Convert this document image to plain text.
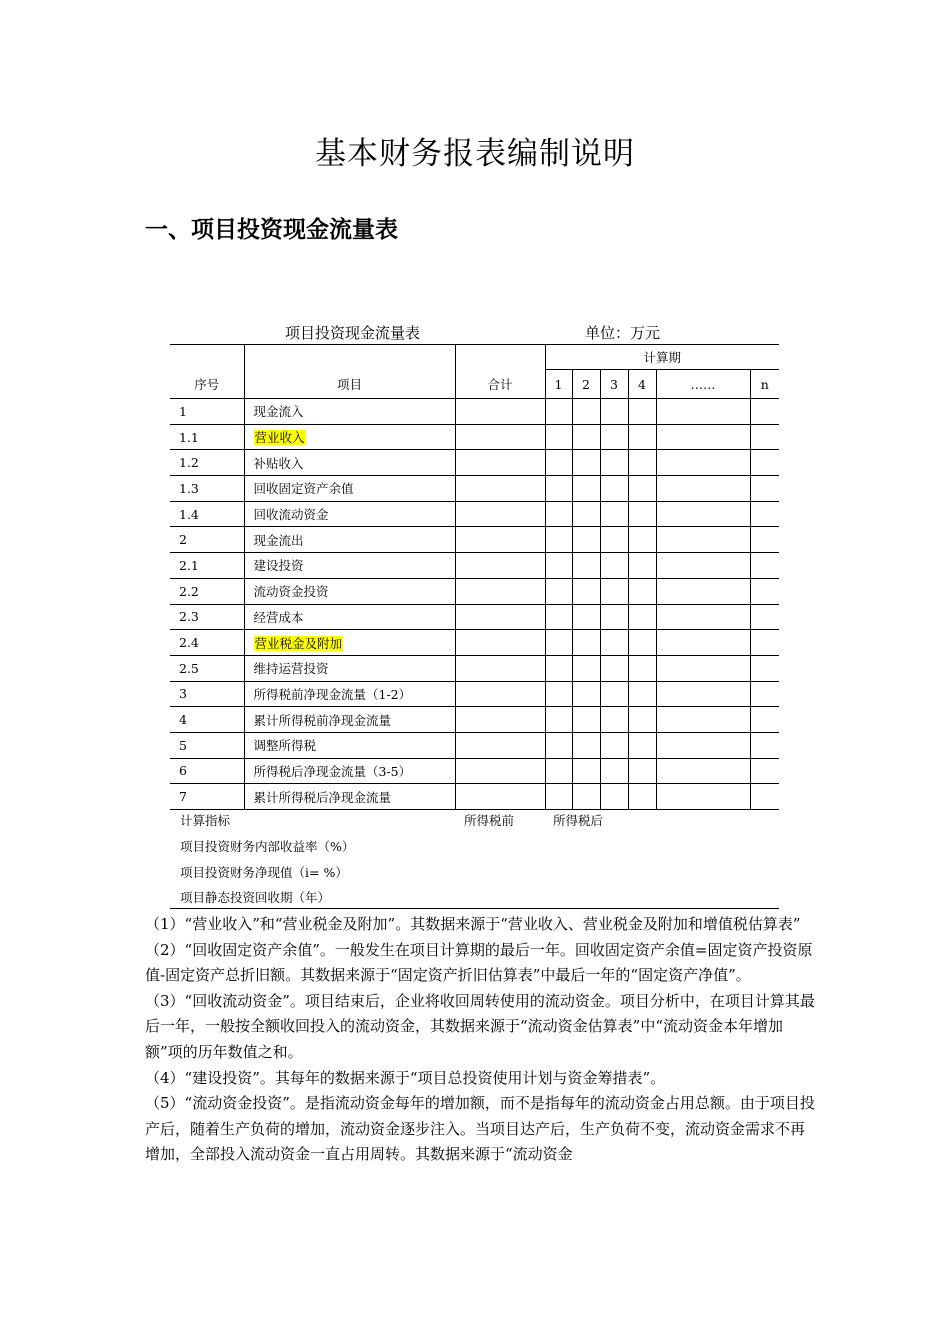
基本财务报表编制说明
一、项目投资现金流量表
项目投资现金流量表	单位：万元
			计算期					
序号	项目	合计	1	2	3	4	……	n
1	现金流入							
1.1	营业收入							
1.2	补贴收入							
1.3	回收固定资产余值							
1.4	回收流动资金							
2	现金流出							
2.1	建设投资							
2.2	流动资金投资							
2.3	经营成本							
2.4	营业税金及附加							
2.5	维持运营投资							
3	所得税前净现金流量（1-2）							
4	累计所得税前净现金流量							
5	调整所得税							
6	所得税后净现金流量（3-5）							
7	累计所得税后净现金流量							
计算指标	所得税前	所得税后
项目投资财务内部收益率（%）
项目投资财务净现值（i= %）
项目静态投资回收期（年）

（1）“营业收入”和“营业税金及附加”。其数据来源于“营业收入、营业税金及附加和增值税估算表”

（2）“回收固定资产余值”。一般发生在项目计算期的最后一年。回收固定资产余值=固定资产投资原值-固定资产总折旧额。其数据来源于“固定资产折旧估算表”中最后一年的“固定资产净值”。

（3）“回收流动资金”。项目结束后，企业将收回周转使用的流动资金。项目分析中，在项目计算其最后一年，一般按全额收回投入的流动资金，其数据来源于“流动资金估算表”中“流动资金本年增加额”项的历年数值之和。

（4）“建设投资”。其每年的数据来源于“项目总投资使用计划与资金筹措表”。

（5）“流动资金投资”。是指流动资金每年的增加额，而不是指每年的流动资金占用总额。由于项目投产后，随着生产负荷的增加，流动资金逐步注入。当项目达产后，生产负荷不变，流动资金需求不再增加，全部投入流动资金一直占用周转。其数据来源于“流动资金
